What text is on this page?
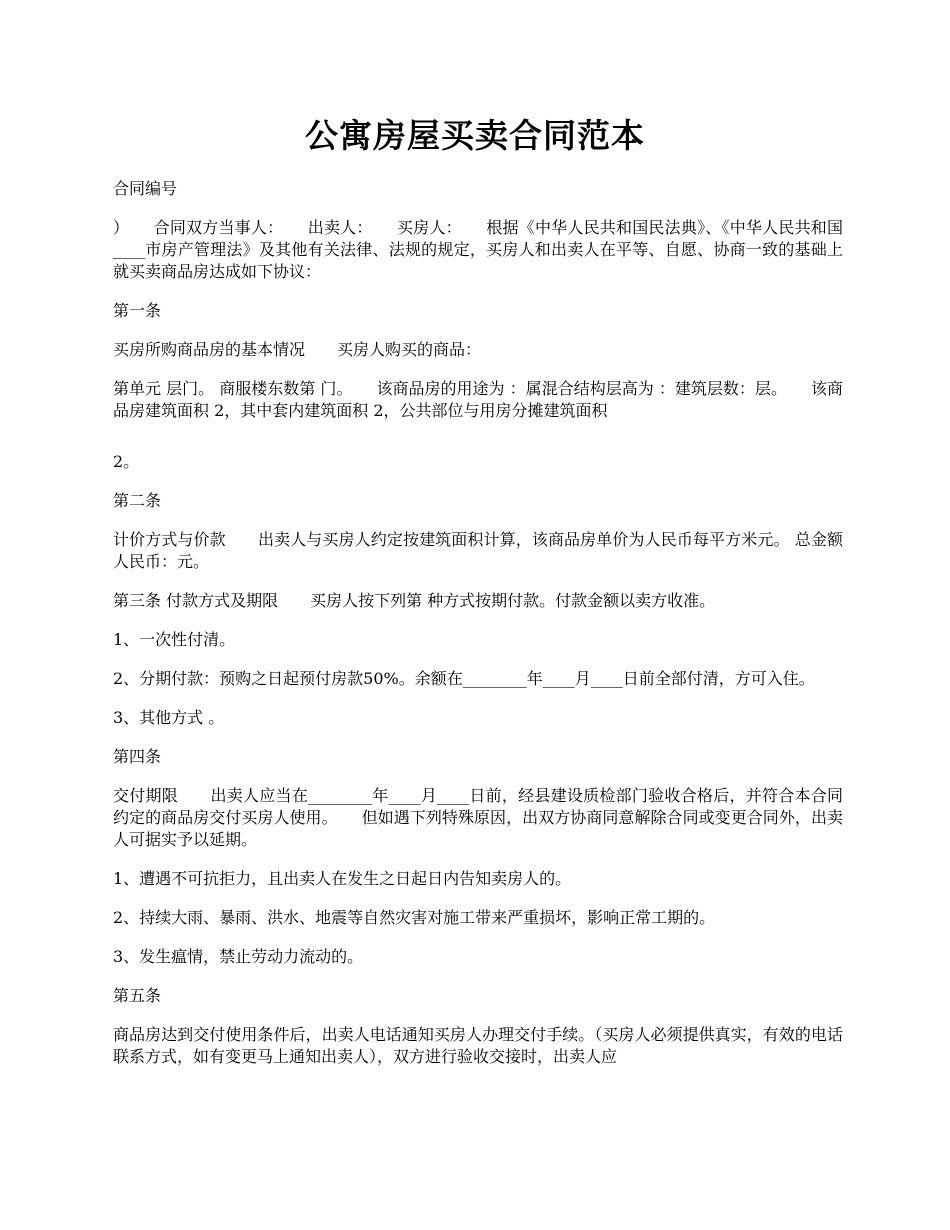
公寓房屋买卖合同范本

合同编号

）　　合同双方当事人：　　出卖人：　　买房人：　　根据《中华人民共和国民法典》、《中华人民共和国____市房产管理法》及其他有关法律、法规的规定，买房人和出卖人在平等、自愿、协商一致的基础上就买卖商品房达成如下协议：

第一条

买房所购商品房的基本情况　　买房人购买的商品：

第单元 层门。 商服楼东数第 门。　　该商品房的用途为 ：属混合结构层高为 ：建筑层数：层。　　该商品房建筑面积 2，其中套内建筑面积 2，公共部位与用房分摊建筑面积

2。

第二条

计价方式与价款　　出卖人与买房人约定按建筑面积计算，该商品房单价为人民币每平方米元。 总金额人民币：元。

第三条 付款方式及期限　　买房人按下列第 种方式按期付款。付款金额以卖方收准。

1、一次性付清。

2、分期付款：预购之日起预付房款50%。余额在________年____月____日前全部付清，方可入住。

3、其他方式 。

第四条

交付期限　　出卖人应当在________年____月____日前，经县建设质检部门验收合格后，并符合本合同约定的商品房交付买房人使用。　　但如遇下列特殊原因，出双方协商同意解除合同或变更合同外，出卖人可据实予以延期。

1、遭遇不可抗拒力，且出卖人在发生之日起日内告知卖房人的。

2、持续大雨、暴雨、洪水、地震等自然灾害对施工带来严重损坏，影响正常工期的。

3、发生瘟情，禁止劳动力流动的。

第五条

商品房达到交付使用条件后，出卖人电话通知买房人办理交付手续。（买房人必须提供真实，有效的电话联系方式，如有变更马上通知出卖人），双方进行验收交接时，出卖人应
